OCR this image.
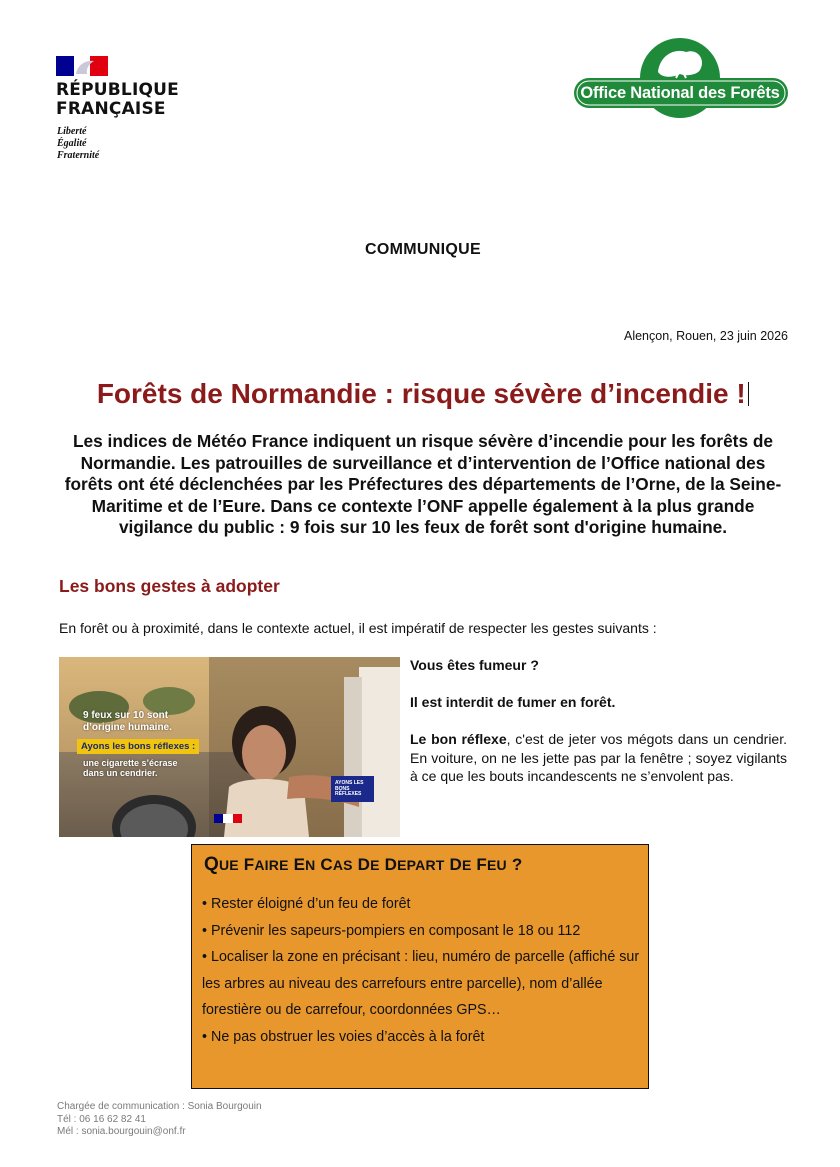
RÉPUBLIQUE
FRANÇAISE
Liberté
Égalité
Fraternité
Office National des Forêts
COMMUNIQUE
Alençon, Rouen, 23 juin 2026
Forêts de Normandie : risque sévère d’incendie !
Les indices de Météo France indiquent un risque sévère d’incendie pour les forêts de Normandie. Les patrouilles de surveillance et d’intervention de l’Office national des forêts ont été déclenchées par les Préfectures des départements de l’Orne, de la Seine-Maritime et de l’Eure. Dans ce contexte l’ONF appelle également à la plus grande vigilance du public : 9 fois sur 10 les feux de forêt sont d'origine humaine.
Les bons gestes à adopter
En forêt ou à proximité, dans le contexte actuel, il est impératif de respecter les gestes suivants :
9 feux sur 10 sont
d’origine humaine.
Ayons les bons réflexes :
une cigarette s’écrase
dans un cendrier.
AYONS LES
BONS RÉFLEXES

Vous êtes fumeur ?

Il est interdit de fumer en forêt.

Le bon réflexe, c'est de jeter vos mégots dans un cendrier. En voiture, on ne les jette pas par la fenêtre ; soyez vigilants à ce que les bouts incandescents ne s’envolent pas.

QUE FAIRE EN CAS DE DEPART DE FEU ?
• Rester éloigné d’un feu de forêt
• Prévenir les sapeurs-pompiers en composant le 18 ou 112
• Localiser la zone en précisant : lieu, numéro de parcelle (affiché sur les arbres au niveau des carrefours entre parcelle), nom d’allée forestière ou de carrefour, coordonnées GPS…
• Ne pas obstruer les voies d’accès à la forêt
Chargée de communication : Sonia Bourgouin
Tél : 06 16 62 82 41
Mél : sonia.bourgouin@onf.fr
